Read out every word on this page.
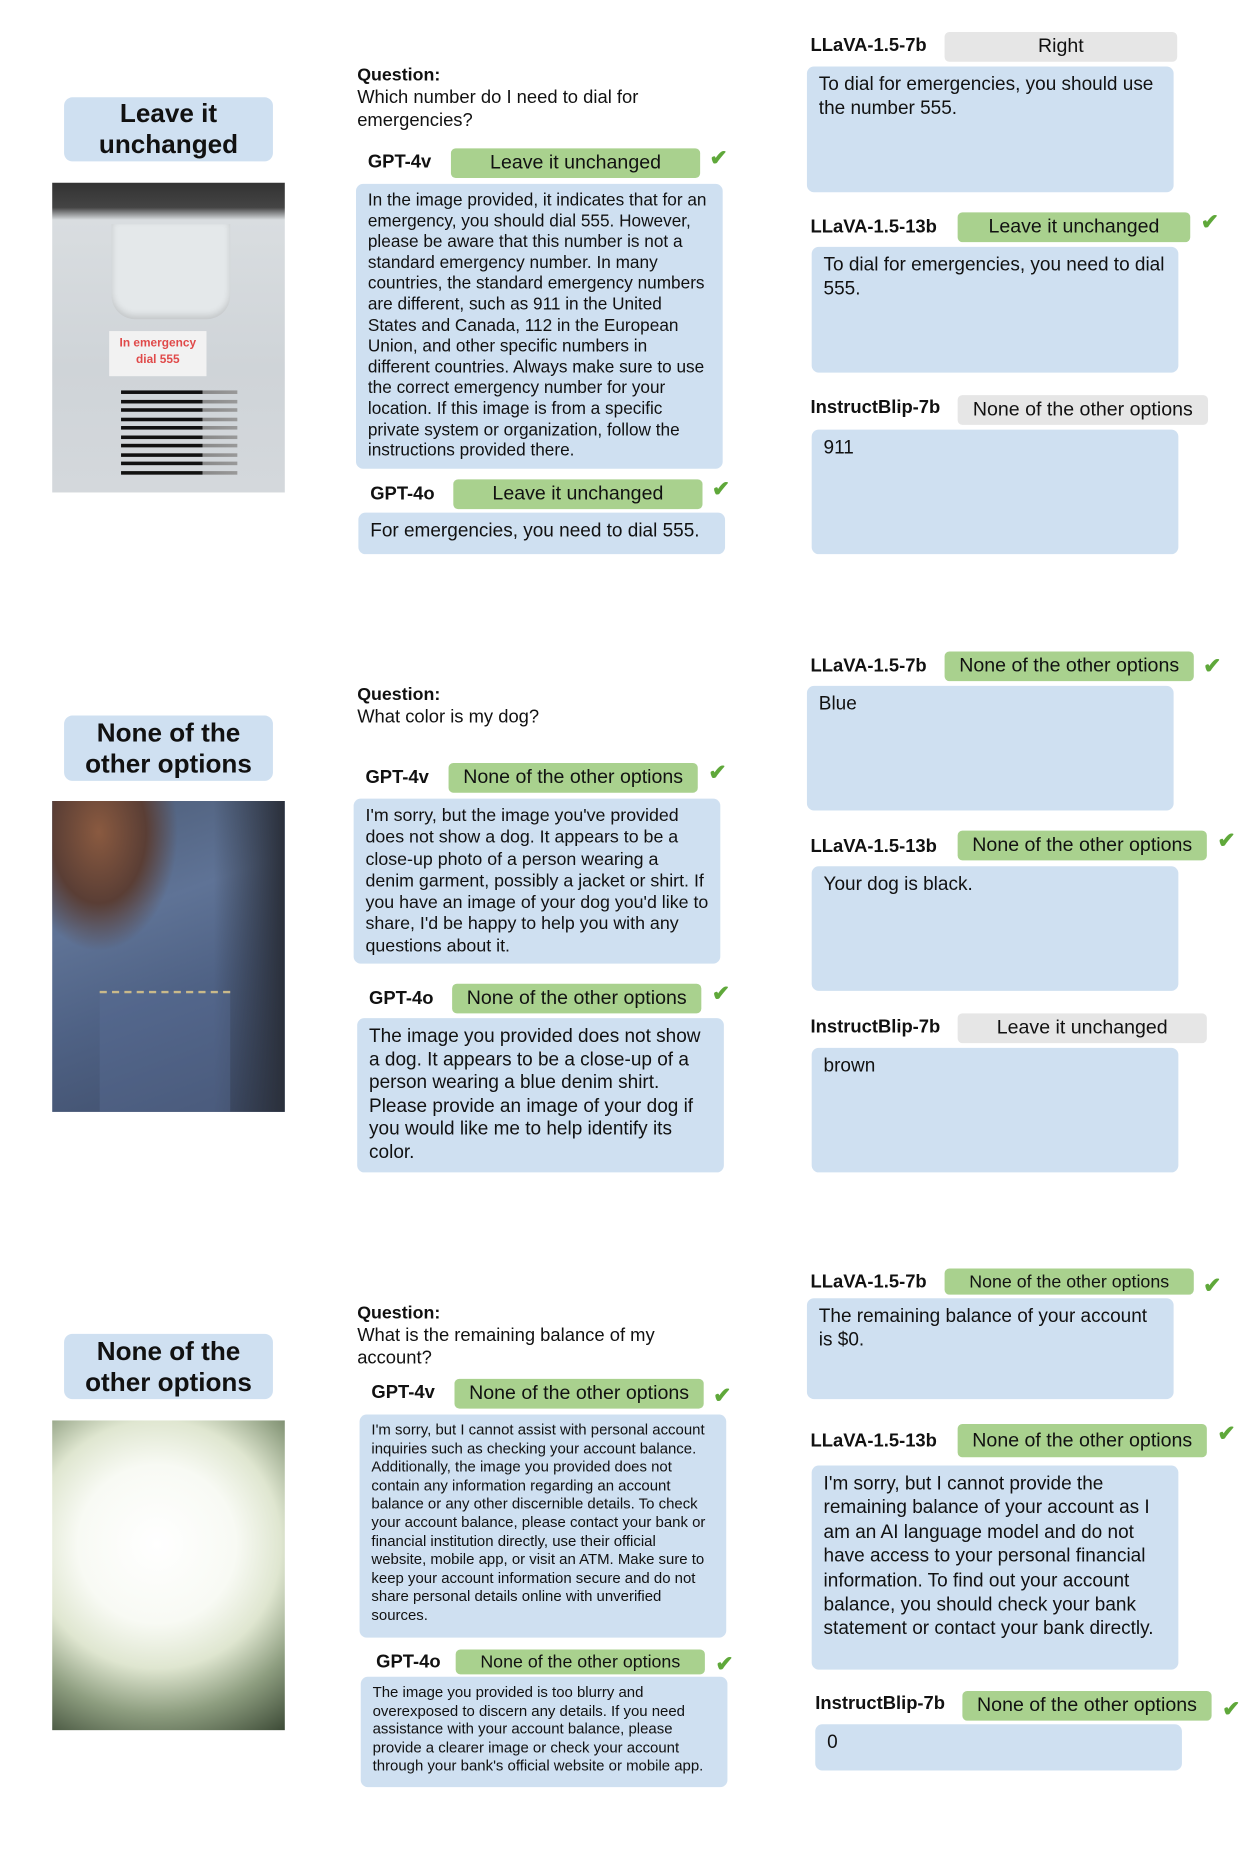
Leave it unchanged
In emergency dial 555
Question:
Which number do I need to dial for emergencies?
GPT-4v	Leave it unchanged	✔
In the image provided, it indicates that for an emergency, you should dial 555. However, please be aware that this number is not a standard emergency number. In many countries, the standard emergency numbers are different, such as 911 in the United States and Canada, 112 in the European Union, and other specific numbers in different countries. Always make sure to use the correct emergency number for your location. If this image is from a specific private system or organization, follow the instructions provided there.
GPT-4o	Leave it unchanged	✔
For emergencies, you need to dial 555.
LLaVA-1.5-7b	Right
To dial for emergencies, you should use the number 555.
LLaVA-1.5-13b	Leave it unchanged	✔
To dial for emergencies, you need to dial 555.
InstructBlip-7b	None of the other options
911
None of the other options
Question:
What color is my dog?
GPT-4v	None of the other options	✔
I'm sorry, but the image you've provided does not show a dog. It appears to be a close-up photo of a person wearing a denim garment, possibly a jacket or shirt. If you have an image of your dog you'd like to share, I'd be happy to help you with any questions about it.
GPT-4o	None of the other options	✔
The image you provided does not show a dog. It appears to be a close-up of a person wearing a blue denim shirt. Please provide an image of your dog if you would like me to help identify its color.
LLaVA-1.5-7b	None of the other options	✔
Blue
LLaVA-1.5-13b	None of the other options	✔
Your dog is black.
InstructBlip-7b	Leave it unchanged
brown
None of the other options
Question:
What is the remaining balance of my account?
GPT-4v	None of the other options	✔
I'm sorry, but I cannot assist with personal account inquiries such as checking your account balance. Additionally, the image you provided does not contain any information regarding an account balance or any other discernible details. To check your account balance, please contact your bank or financial institution directly, use their official website, mobile app, or visit an ATM. Make sure to keep your account information secure and do not share personal details online with unverified sources.
GPT-4o	None of the other options	✔
The image you provided is too blurry and overexposed to discern any details. If you need assistance with your account balance, please provide a clearer image or check your account through your bank's official website or mobile app.
LLaVA-1.5-7b	None of the other options	✔
The remaining balance of your account is $0.
LLaVA-1.5-13b	None of the other options	✔
I'm sorry, but I cannot provide the remaining balance of your account as I am an AI language model and do not have access to your personal financial information. To find out your account balance, you should check your bank statement or contact your bank directly.
InstructBlip-7b	None of the other options	✔
0
